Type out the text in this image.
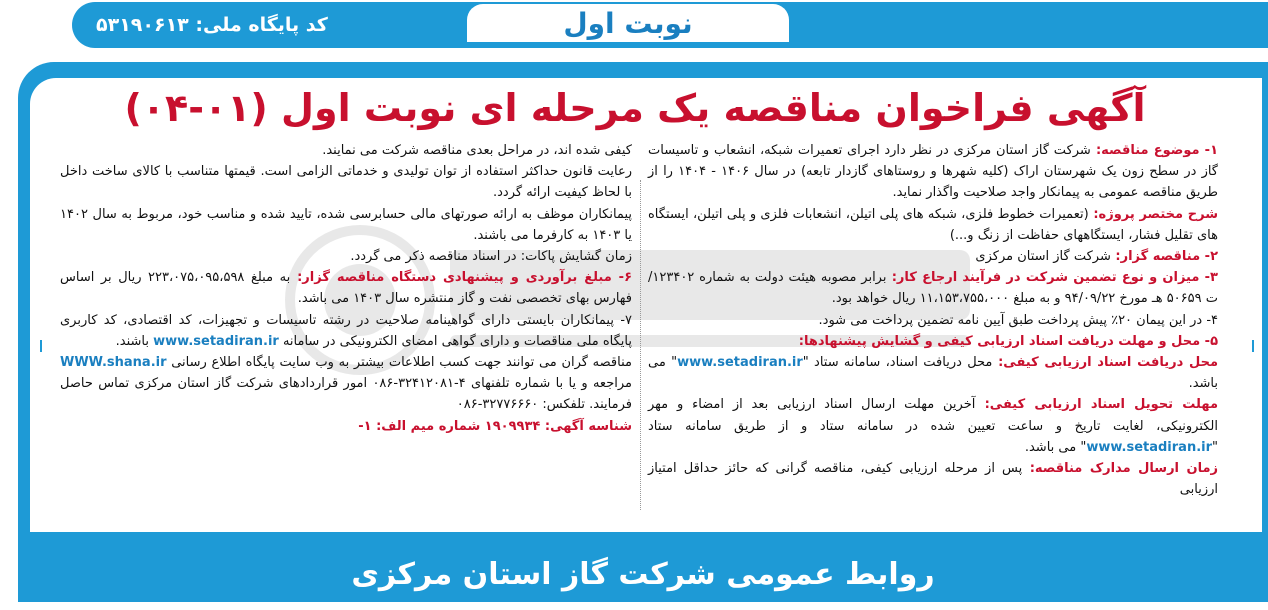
کد پایگاه ملی: ۵۳۱۹۰۶۱۳	نوبت اول
آگهی فراخوان مناقصه یک مرحله ای نوبت اول (۰۱-۰۴)

۱- موضوع مناقصه: شرکت گاز استان مرکزی در نظر دارد اجرای تعمیرات شبکه، انشعاب و تاسیسات گاز در سطح زون یک شهرستان اراک (کلیه شهرها و روستاهای گازدار تابعه) در سال ۱۴۰۶ - ۱۴۰۴ را از طریق مناقصه عمومی به پیمانکار واجد صلاحیت واگذار نماید.

شرح مختصر پروژه: (تعمیرات خطوط فلزی، شبکه های پلی اتیلن، انشعابات فلزی و پلی اتیلن، ایستگاه های تقلیل فشار، ایستگاههای حفاظت از زنگ و...)

۲- مناقصه گزار: شرکت گاز استان مرکزی

۳- میزان و نوع تضمین شرکت در فرآیند ارجاع کار: برابر مصوبه هیئت دولت به شماره ۱۲۳۴۰۲/ت ۵۰۶۵۹ هـ مورخ ۹۴/۰۹/۲۲ و به مبلغ ۱۱،۱۵۳،۷۵۵،۰۰۰ ریال خواهد بود.

۴- در این پیمان ۲۰٪ پیش پرداخت طبق آیین نامه تضمین پرداخت می شود.

۵- محل و مهلت دریافت اسناد ارزیابی کیفی و گشایش پیشنهادها:

محل دریافت اسناد ارزیابی کیفی: محل دریافت اسناد، سامانه ستاد "www.setadiran.ir" می باشد.

مهلت تحویل اسناد ارزیابی کیفی: آخرین مهلت ارسال اسناد ارزیابی بعد از امضاء و مهر الکترونیکی، لغایت تاریخ و ساعت تعیین شده در سامانه ستاد و از طریق سامانه ستاد "www.setadiran.ir" می باشد.

زمان ارسال مدارک مناقصه: پس از مرحله ارزیابی کیفی، مناقصه گرانی که حائز حداقل امتیاز ارزیابی

کیفی شده اند، در مراحل بعدی مناقصه شرکت می نمایند.

رعایت قانون حداکثر استفاده از توان تولیدی و خدماتی الزامی است. قیمتها متناسب با کالای ساخت داخل با لحاظ کیفیت ارائه گردد.

پیمانکاران موظف به ارائه صورتهای مالی حسابرسی شده، تایید شده و مناسب خود، مربوط به سال ۱۴۰۲ یا ۱۴۰۳ به کارفرما می باشند.

زمان گشایش پاکات: در اسناد مناقصه ذکر می گردد.

۶- مبلغ برآوردی و پیشنهادی دستگاه مناقصه گزار: به مبلغ ۲۲۳،۰۷۵،۰۹۵،۵۹۸ ریال بر اساس فهارس بهای تخصصی نفت و گاز منتشره سال ۱۴۰۳ می باشد.

۷- پیمانکاران بایستی دارای گواهینامه صلاحیت در رشته تاسیسات و تجهیزات، کد اقتصادی، کد کاربری پایگاه ملی مناقصات و دارای گواهی امضای الکترونیکی در سامانه www.setadiran.ir باشند.

مناقصه گران می توانند جهت کسب اطلاعات بیشتر به وب سایت پایگاه اطلاع رسانی WWW.shana.ir مراجعه و یا با شماره تلفنهای ۴-۳۲۴۱۲۰۸۱-۰۸۶ امور قراردادهای شرکت گاز استان مرکزی تماس حاصل فرمایند. تلفکس: ۳۲۷۷۶۶۶۰-۰۸۶

شناسه آگهی: ۱۹۰۹۹۳۴ شماره میم الف: ۱-

روابط عمومی شرکت گاز استان مرکزی
